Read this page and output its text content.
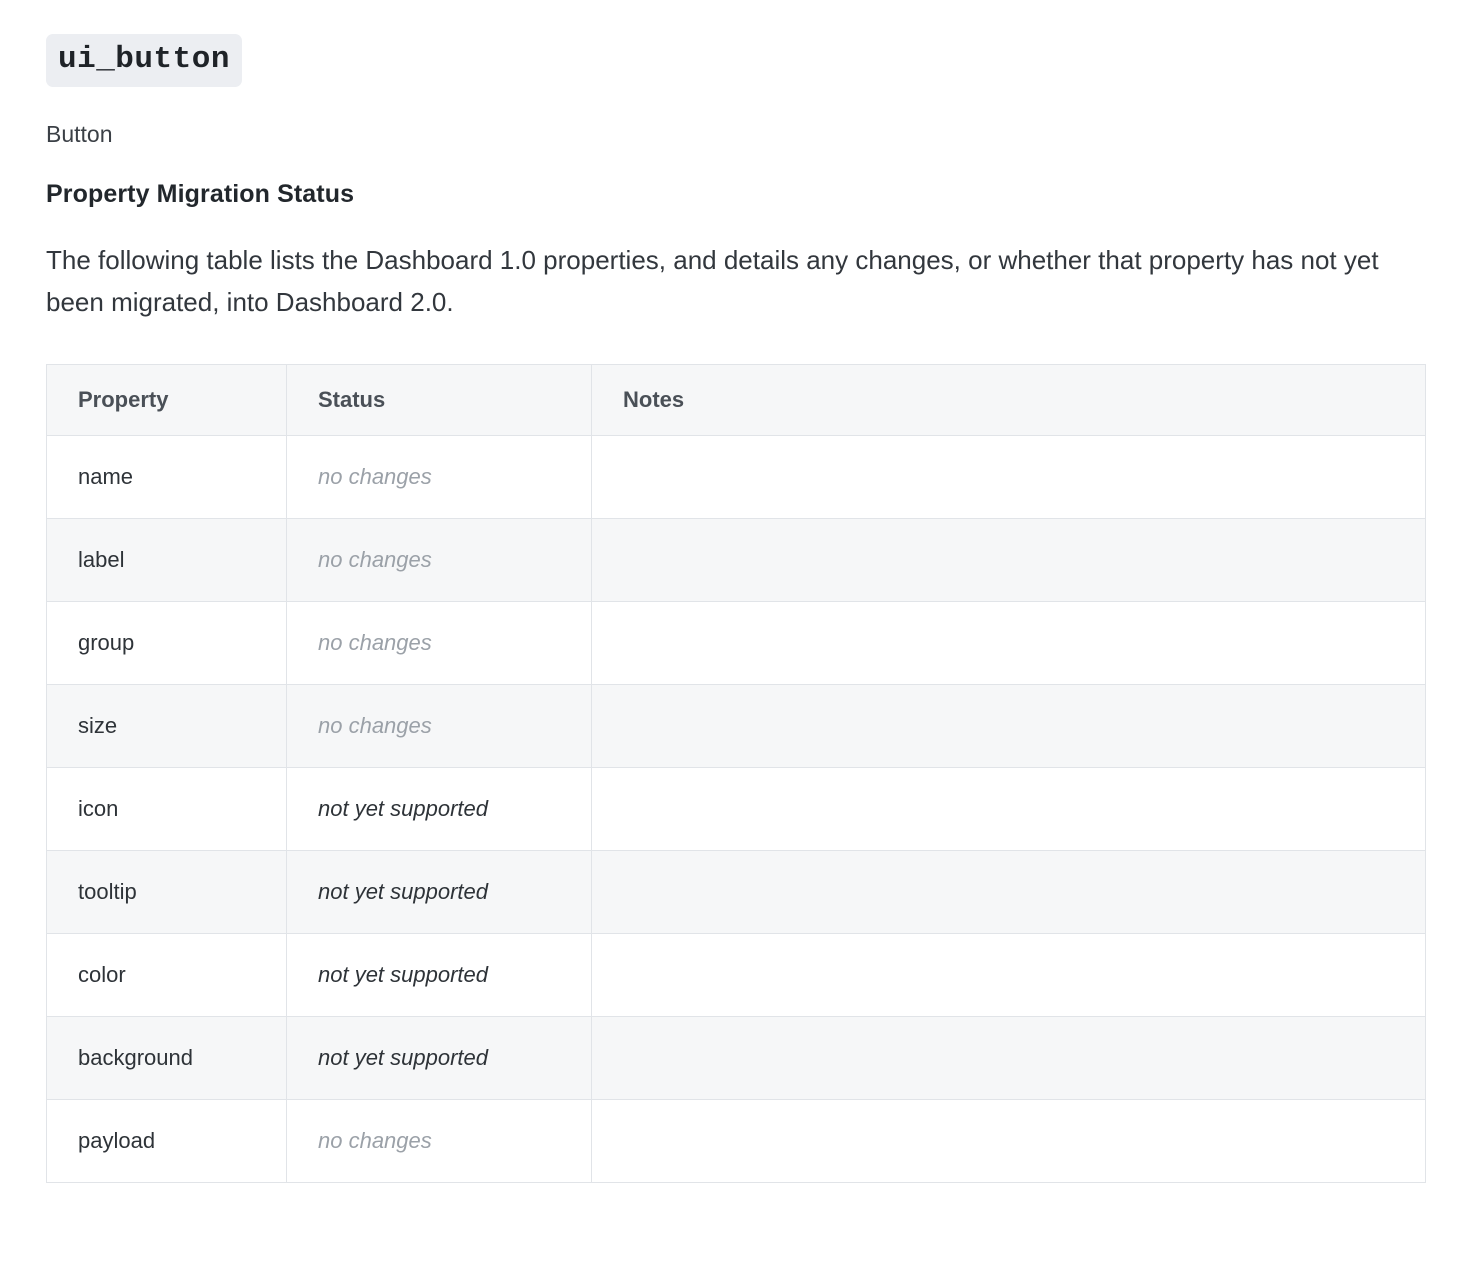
ui_button

Button

Property Migration Status

The following table lists the Dashboard 1.0 properties, and details any changes, or whether that property has not yet been migrated, into Dashboard 2.0.

Property	Status	Notes
name	no changes	
label	no changes	
group	no changes	
size	no changes	
icon	not yet supported	
tooltip	not yet supported	
color	not yet supported	
background	not yet supported	
payload	no changes	
